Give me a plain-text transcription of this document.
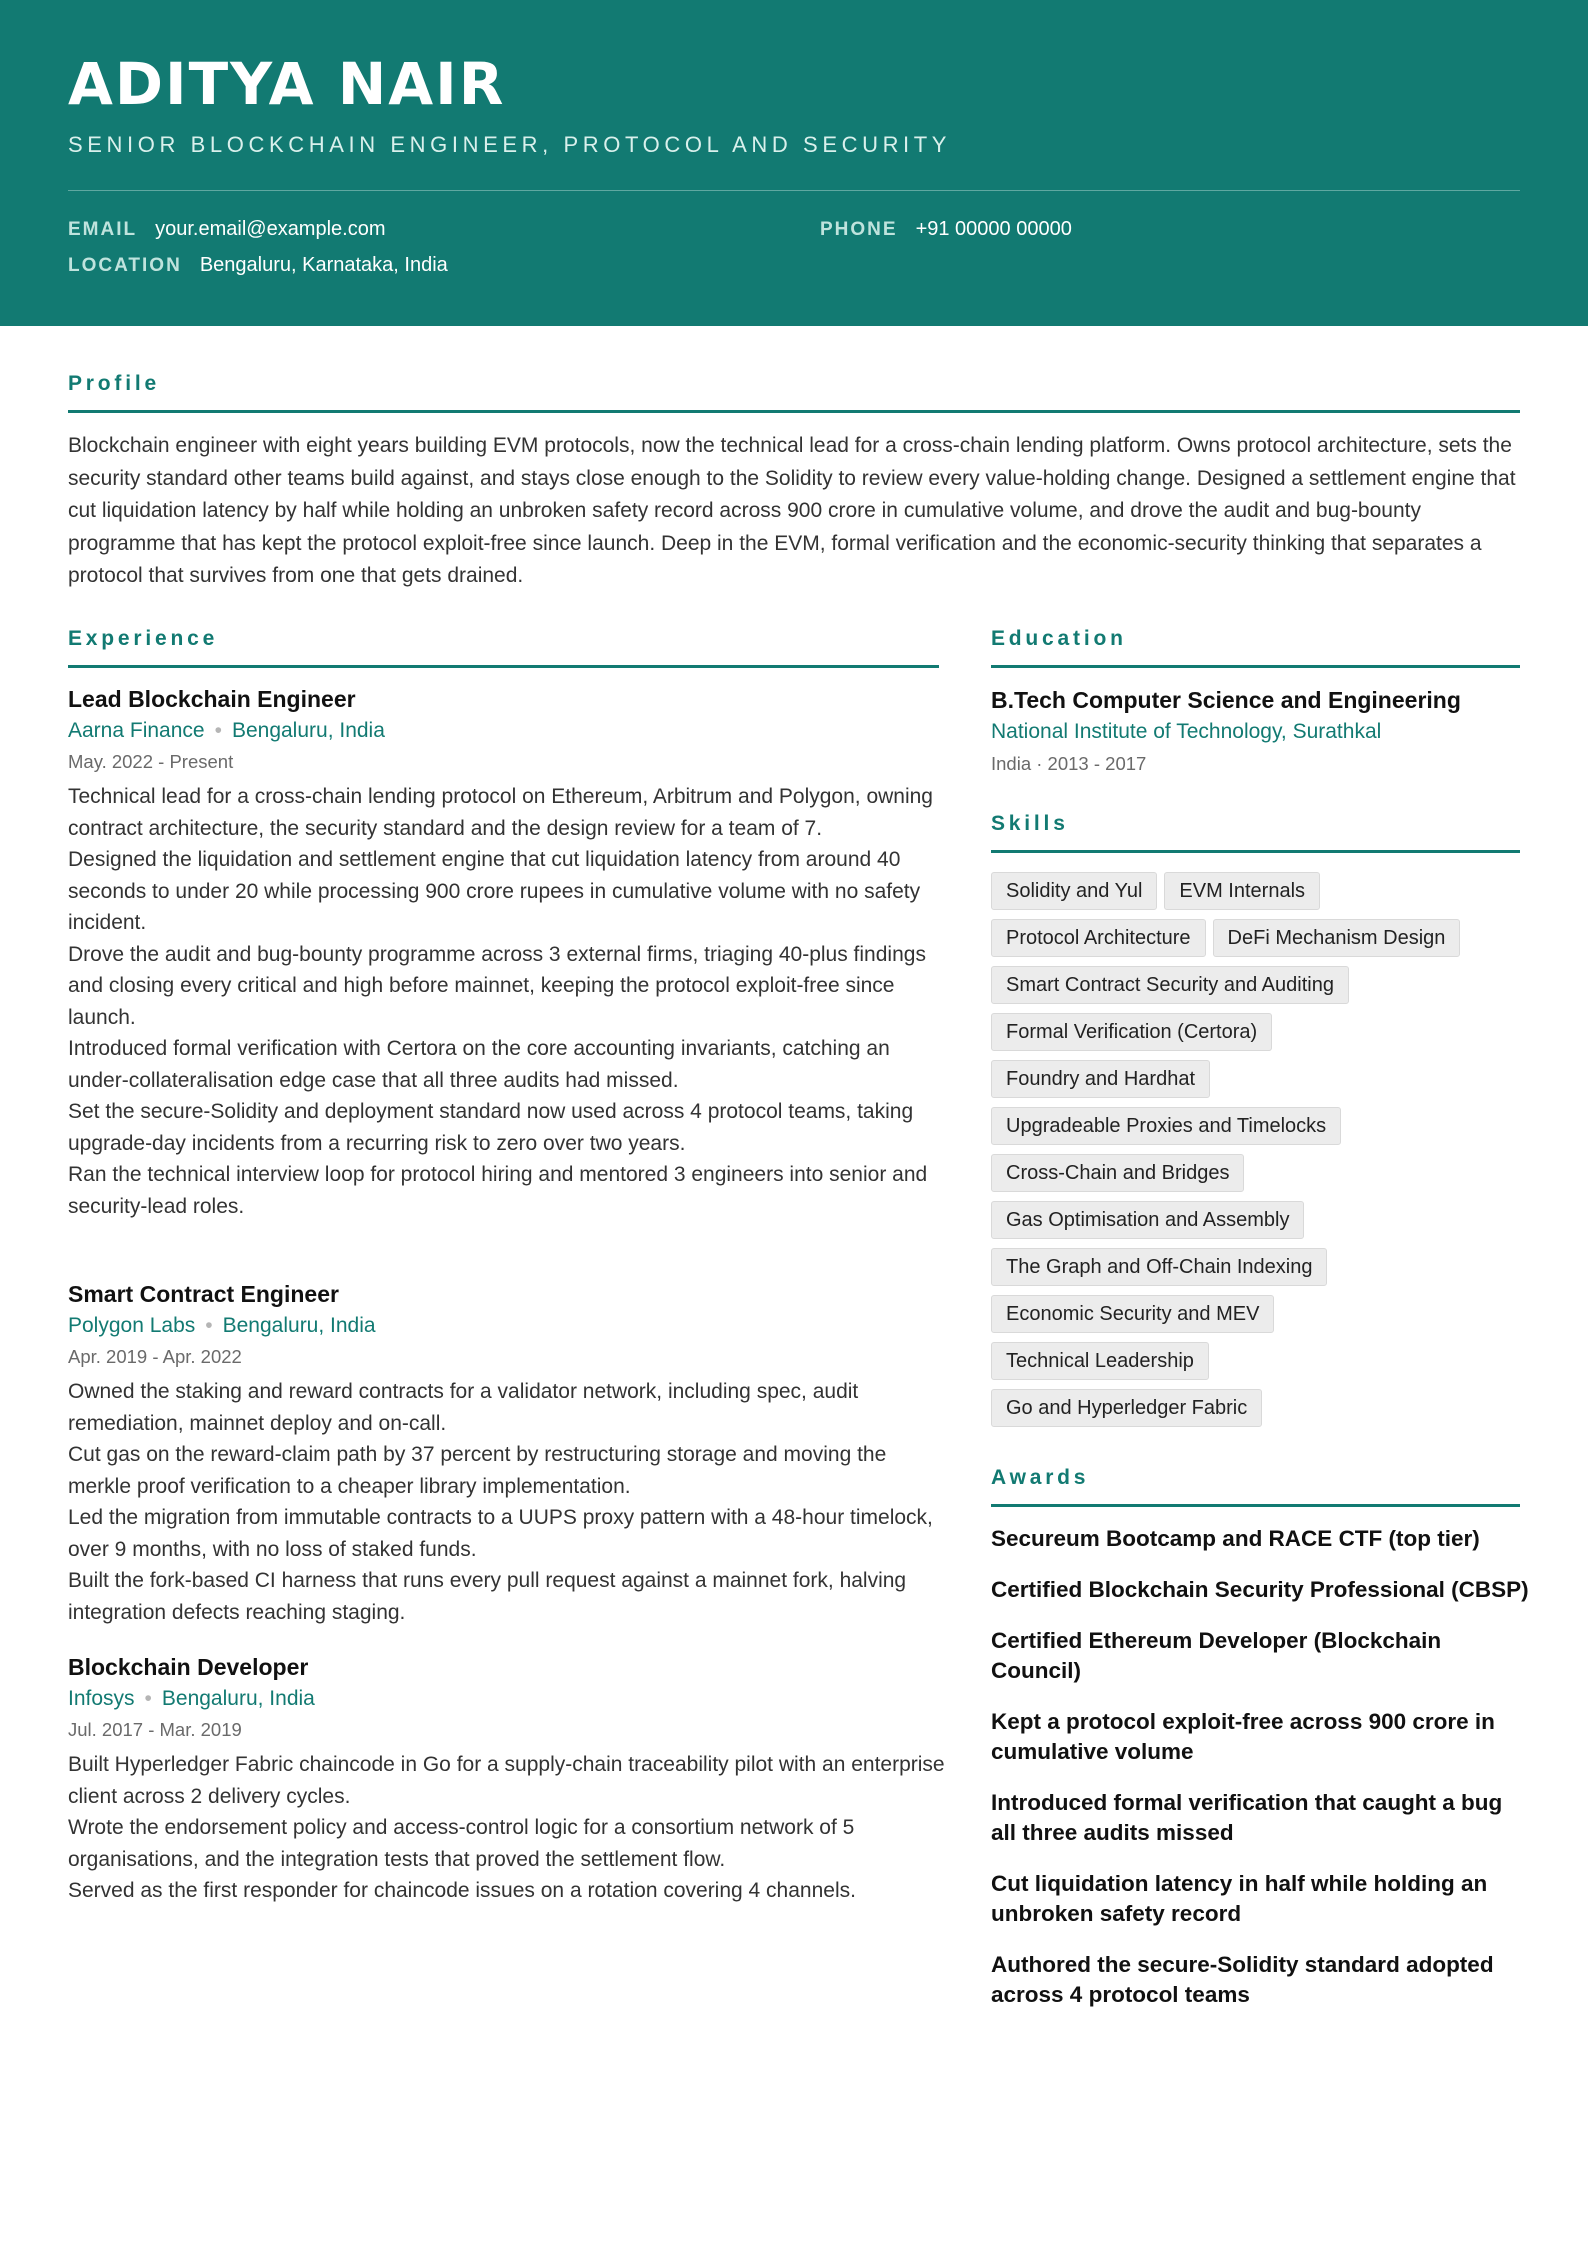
ADITYA NAIR
SENIOR BLOCKCHAIN ENGINEER, PROTOCOL AND SECURITY
EMAIL your.email@example.com	PHONE +91 00000 00000
LOCATION Bengaluru, Karnataka, India
Profile
Blockchain engineer with eight years building EVM protocols, now the technical lead for a cross-chain lending platform. Owns protocol architecture, sets the security standard other teams build against, and stays close enough to the Solidity to review every value-holding change. Designed a settlement engine that cut liquidation latency by half while holding an unbroken safety record across 900 crore in cumulative volume, and drove the audit and bug-bounty programme that has kept the protocol exploit-free since launch. Deep in the EVM, formal verification and the economic-security thinking that separates a protocol that survives from one that gets drained.
Experience
Lead Blockchain Engineer
Aarna Finance • Bengaluru, India
May. 2022 - Present

Technical lead for a cross-chain lending protocol on Ethereum, Arbitrum and Polygon, owning contract architecture, the security standard and the design review for a team of 7.

Designed the liquidation and settlement engine that cut liquidation latency from around 40 seconds to under 20 while processing 900 crore rupees in cumulative volume with no safety incident.

Drove the audit and bug-bounty programme across 3 external firms, triaging 40-plus findings and closing every critical and high before mainnet, keeping the protocol exploit-free since launch.

Introduced formal verification with Certora on the core accounting invariants, catching an under-collateralisation edge case that all three audits had missed.

Set the secure-Solidity and deployment standard now used across 4 protocol teams, taking upgrade-day incidents from a recurring risk to zero over two years.

Ran the technical interview loop for protocol hiring and mentored 3 engineers into senior and security-lead roles.

Smart Contract Engineer
Polygon Labs • Bengaluru, India
Apr. 2019 - Apr. 2022

Owned the staking and reward contracts for a validator network, including spec, audit remediation, mainnet deploy and on-call.

Cut gas on the reward-claim path by 37 percent by restructuring storage and moving the merkle proof verification to a cheaper library implementation.

Led the migration from immutable contracts to a UUPS proxy pattern with a 48-hour timelock, over 9 months, with no loss of staked funds.

Built the fork-based CI harness that runs every pull request against a mainnet fork, halving integration defects reaching staging.

Blockchain Developer
Infosys • Bengaluru, India
Jul. 2017 - Mar. 2019

Built Hyperledger Fabric chaincode in Go for a supply-chain traceability pilot with an enterprise client across 2 delivery cycles.

Wrote the endorsement policy and access-control logic for a consortium network of 5 organisations, and the integration tests that proved the settlement flow.

Served as the first responder for chaincode issues on a rotation covering 4 channels.

Education
B.Tech Computer Science and Engineering
National Institute of Technology, Surathkal
India · 2013 - 2017
Skills
Solidity and Yul EVM Internals
Protocol Architecture DeFi Mechanism Design
Smart Contract Security and Auditing
Formal Verification (Certora)
Foundry and Hardhat
Upgradeable Proxies and Timelocks
Cross-Chain and Bridges
Gas Optimisation and Assembly
The Graph and Off-Chain Indexing
Economic Security and MEV
Technical Leadership
Go and Hyperledger Fabric
Awards
Secureum Bootcamp and RACE CTF (top tier)
Certified Blockchain Security Professional (CBSP)
Certified Ethereum Developer (Blockchain Council)
Kept a protocol exploit-free across 900 crore in cumulative volume
Introduced formal verification that caught a bug all three audits missed
Cut liquidation latency in half while holding an unbroken safety record
Authored the secure-Solidity standard adopted across 4 protocol teams
